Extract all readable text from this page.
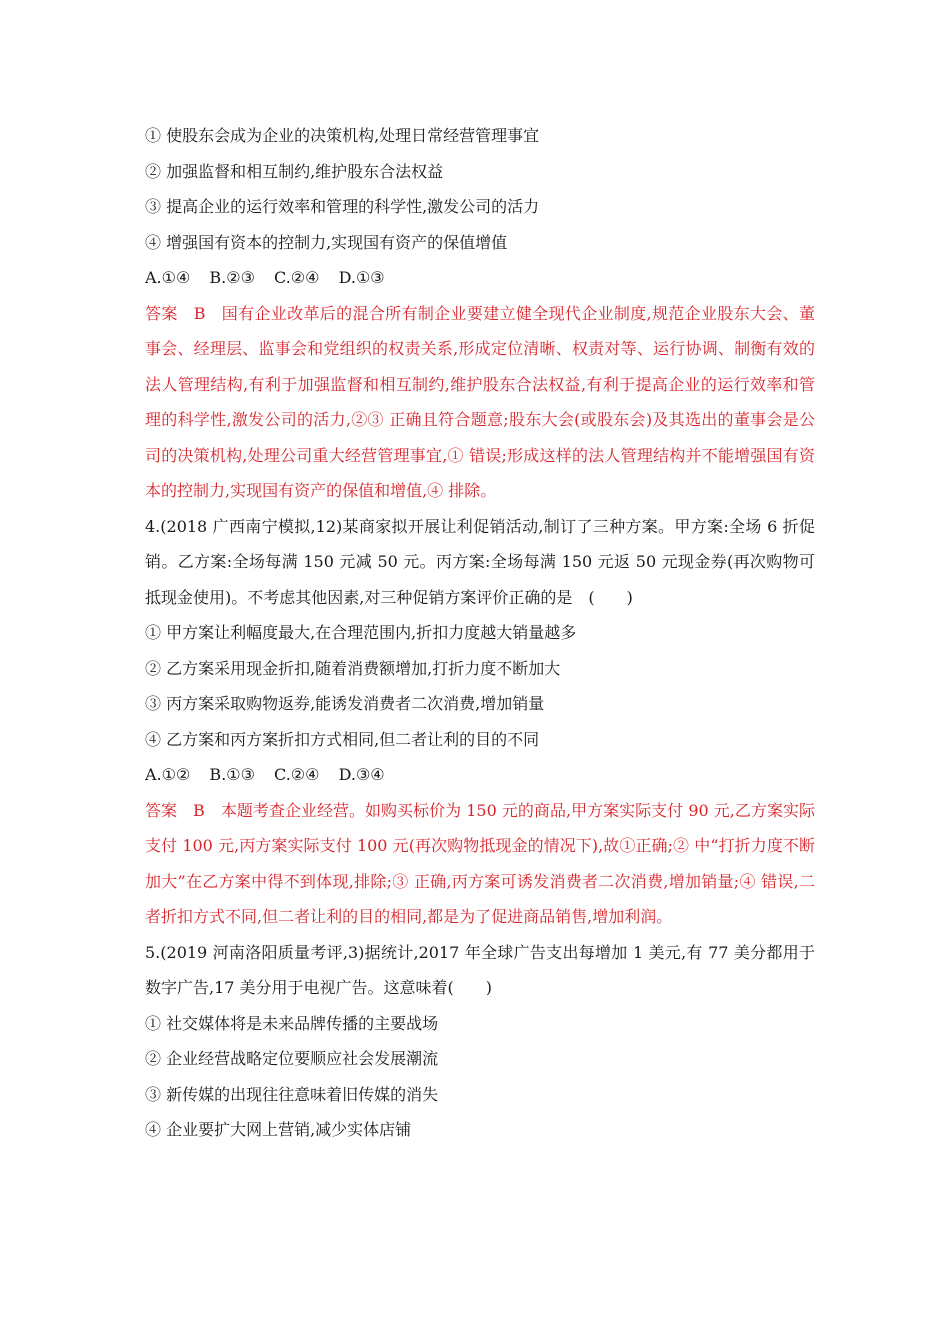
① 使股东会成为企业的决策机构,处理日常经营管理事宜
② 加强监督和相互制约,维护股东合法权益
③ 提高企业的运行效率和管理的科学性,激发公司的活力
④ 增强国有资本的控制力,实现国有资产的保值增值
A.①④ B.②③ C.②④ D.①③

答案 B 国有企业改革后的混合所有制企业要建立健全现代企业制度,规范企业股东大会、董事会、经理层、监事会和党组织的权责关系,形成定位清晰、权责对等、运行协调、制衡有效的法人管理结构,有利于加强监督和相互制约,维护股东合法权益,有利于提高企业的运行效率和管理的科学性,激发公司的活力,②③ 正确且符合题意;股东大会(或股东会)及其选出的董事会是公司的决策机构,处理公司重大经营管理事宜,① 错误;形成这样的法人管理结构并不能增强国有资本的控制力,实现国有资产的保值和增值,④ 排除。

4.(2018 广西南宁模拟,12)某商家拟开展让利促销活动,制订了三种方案。甲方案:全场 6 折促销。乙方案:全场每满 150 元减 50 元。丙方案:全场每满 150 元返 50 元现金券(再次购物可抵现金使用)。不考虑其他因素,对三种促销方案评价正确的是　(　　)

① 甲方案让利幅度最大,在合理范围内,折扣力度越大销量越多
② 乙方案采用现金折扣,随着消费额增加,打折力度不断加大
③ 丙方案采取购物返券,能诱发消费者二次消费,增加销量
④ 乙方案和丙方案折扣方式相同,但二者让利的目的不同
A.①② B.①③ C.②④ D.③④

答案 B 本题考查企业经营。如购买标价为 150 元的商品,甲方案实际支付 90 元,乙方案实际支付 100 元,丙方案实际支付 100 元(再次购物抵现金的情况下),故①正确;② 中“打折力度不断加大”在乙方案中得不到体现,排除;③ 正确,丙方案可诱发消费者二次消费,增加销量;④ 错误,二者折扣方式不同,但二者让利的目的相同,都是为了促进商品销售,增加利润。

5.(2019 河南洛阳质量考评,3)据统计,2017 年全球广告支出每增加 1 美元,有 77 美分都用于数字广告,17 美分用于电视广告。这意味着(　　)

① 社交媒体将是未来品牌传播的主要战场
② 企业经营战略定位要顺应社会发展潮流
③ 新传媒的出现往往意味着旧传媒的消失
④ 企业要扩大网上营销,减少实体店铺
